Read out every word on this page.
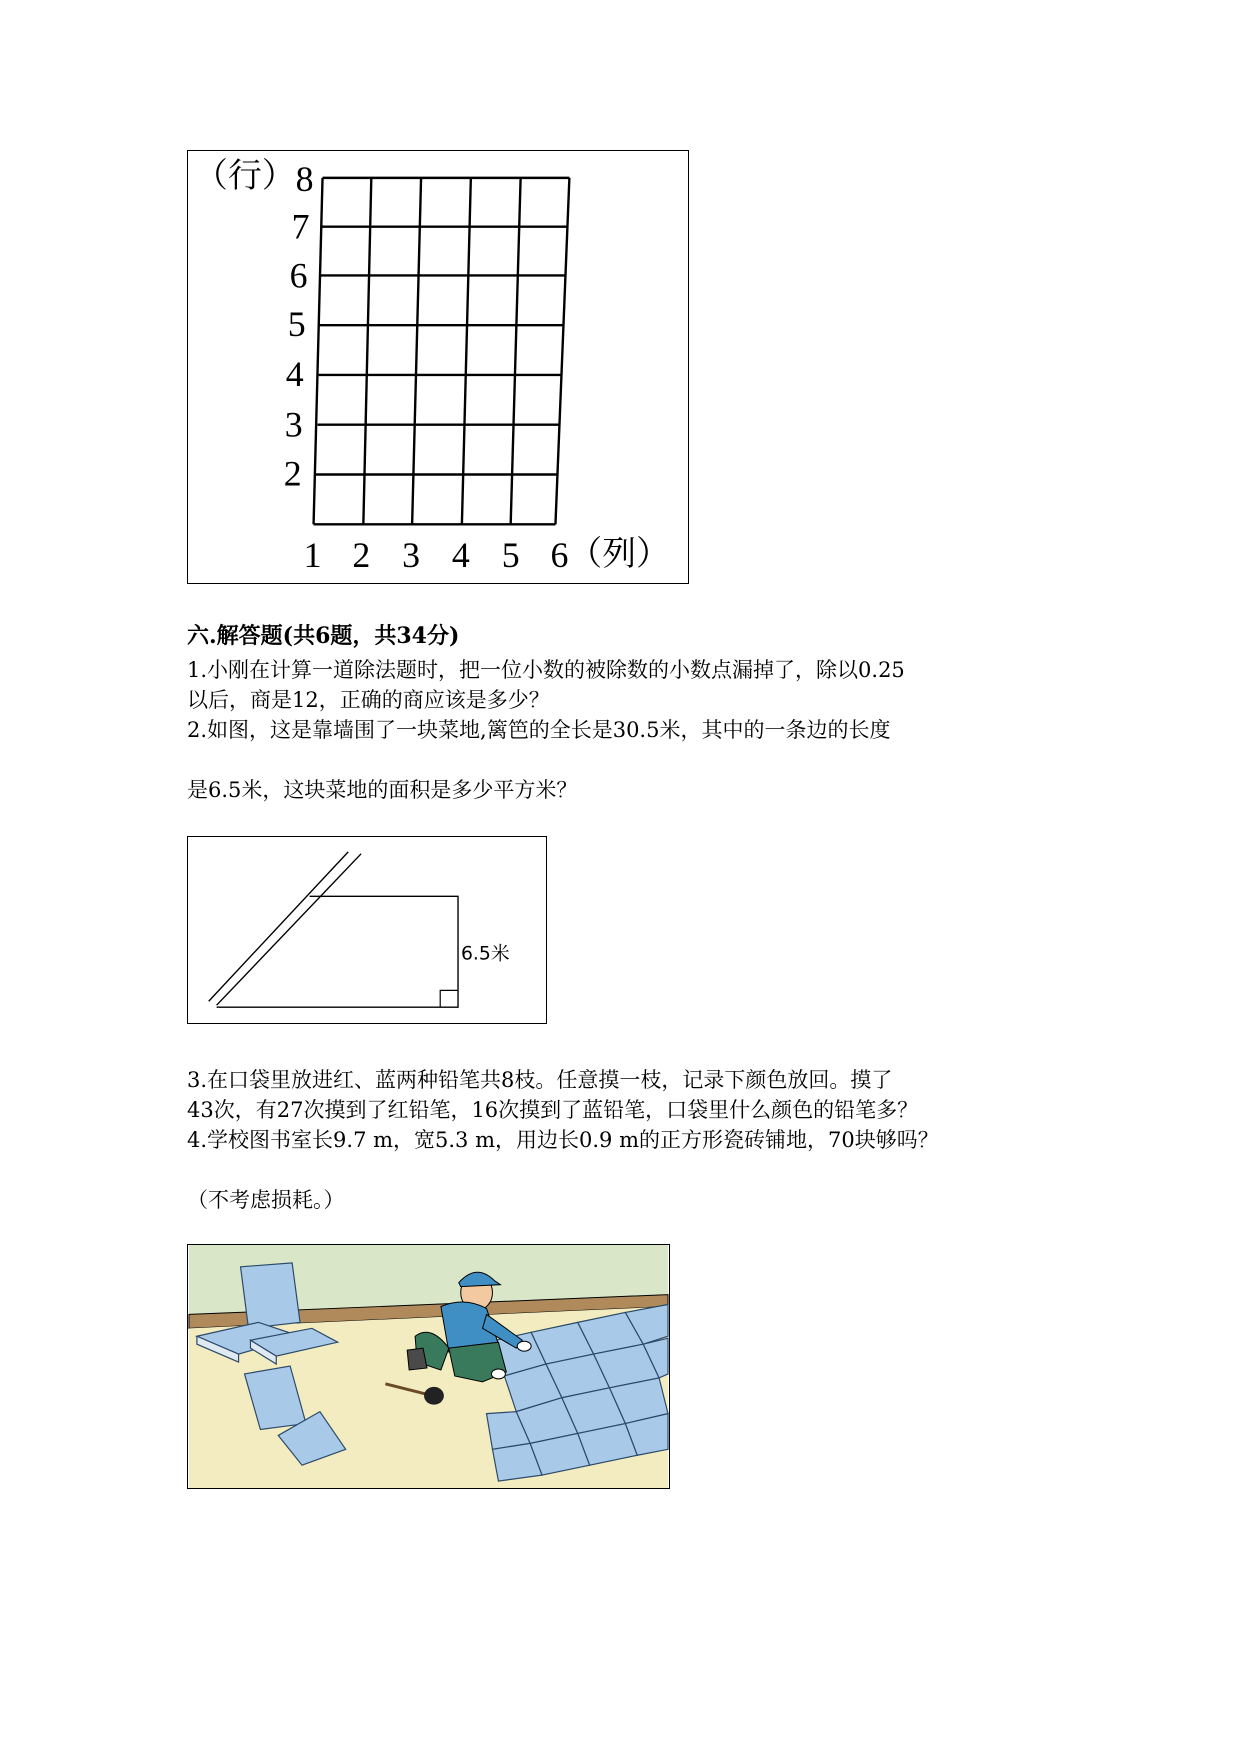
（行） 8
7
6
5
4
3
2
1 2 3 4 5 6 （列）
六.解答题(共6题，共34分)
1.小刚在计算一道除法题时，把一位小数的被除数的小数点漏掉了，除以0.25
以后，商是12，正确的商应该是多少？
2.如图，这是靠墙围了一块菜地,篱笆的全长是30.5米，其中的一条边的长度
是6.5米，这块菜地的面积是多少平方米？
6.5米
3.在口袋里放进红、蓝两种铅笔共8枝。任意摸一枝，记录下颜色放回。摸了
43次，有27次摸到了红铅笔，16次摸到了蓝铅笔，口袋里什么颜色的铅笔多？
4.学校图书室长9.7 m，宽5.3 m，用边长0.9 m的正方形瓷砖铺地，70块够吗？
（不考虑损耗。）
